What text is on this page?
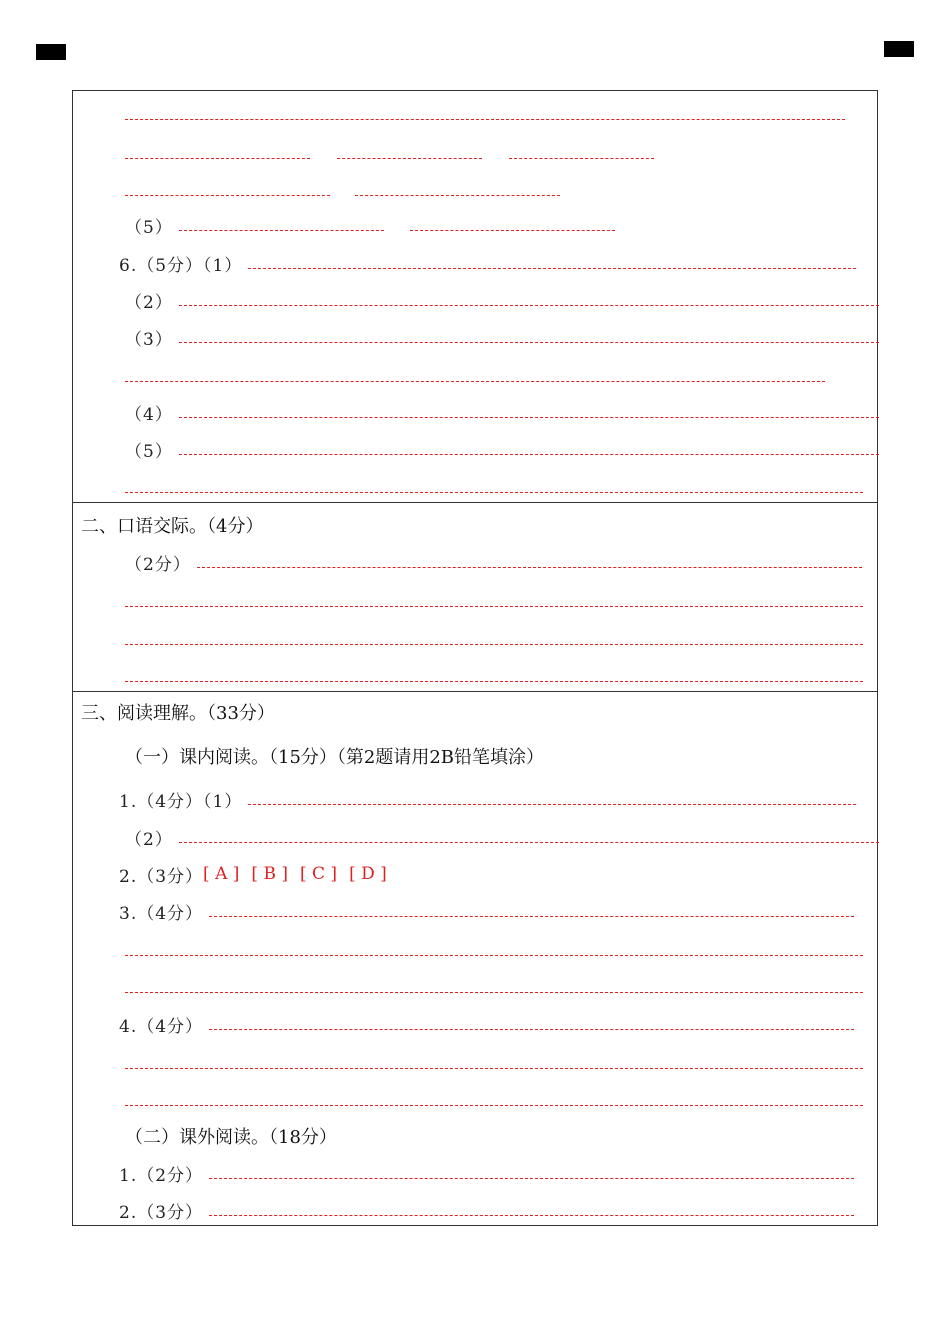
（5）
6.（5分）（1）
（2）
（3）
（4）
（5）
二、口语交际。（4分）
（2分）
三、阅读理解。（33分）
（一）课内阅读。（15分）（第2题请用2B铅笔填涂）
1.（4分）（1）
（2）
2.（3分） [ A ] [ B ] [ C ] [ D ]
3.（4分）
4.（4分）
（二）课外阅读。（18分）
1.（2分）
2.（3分）
